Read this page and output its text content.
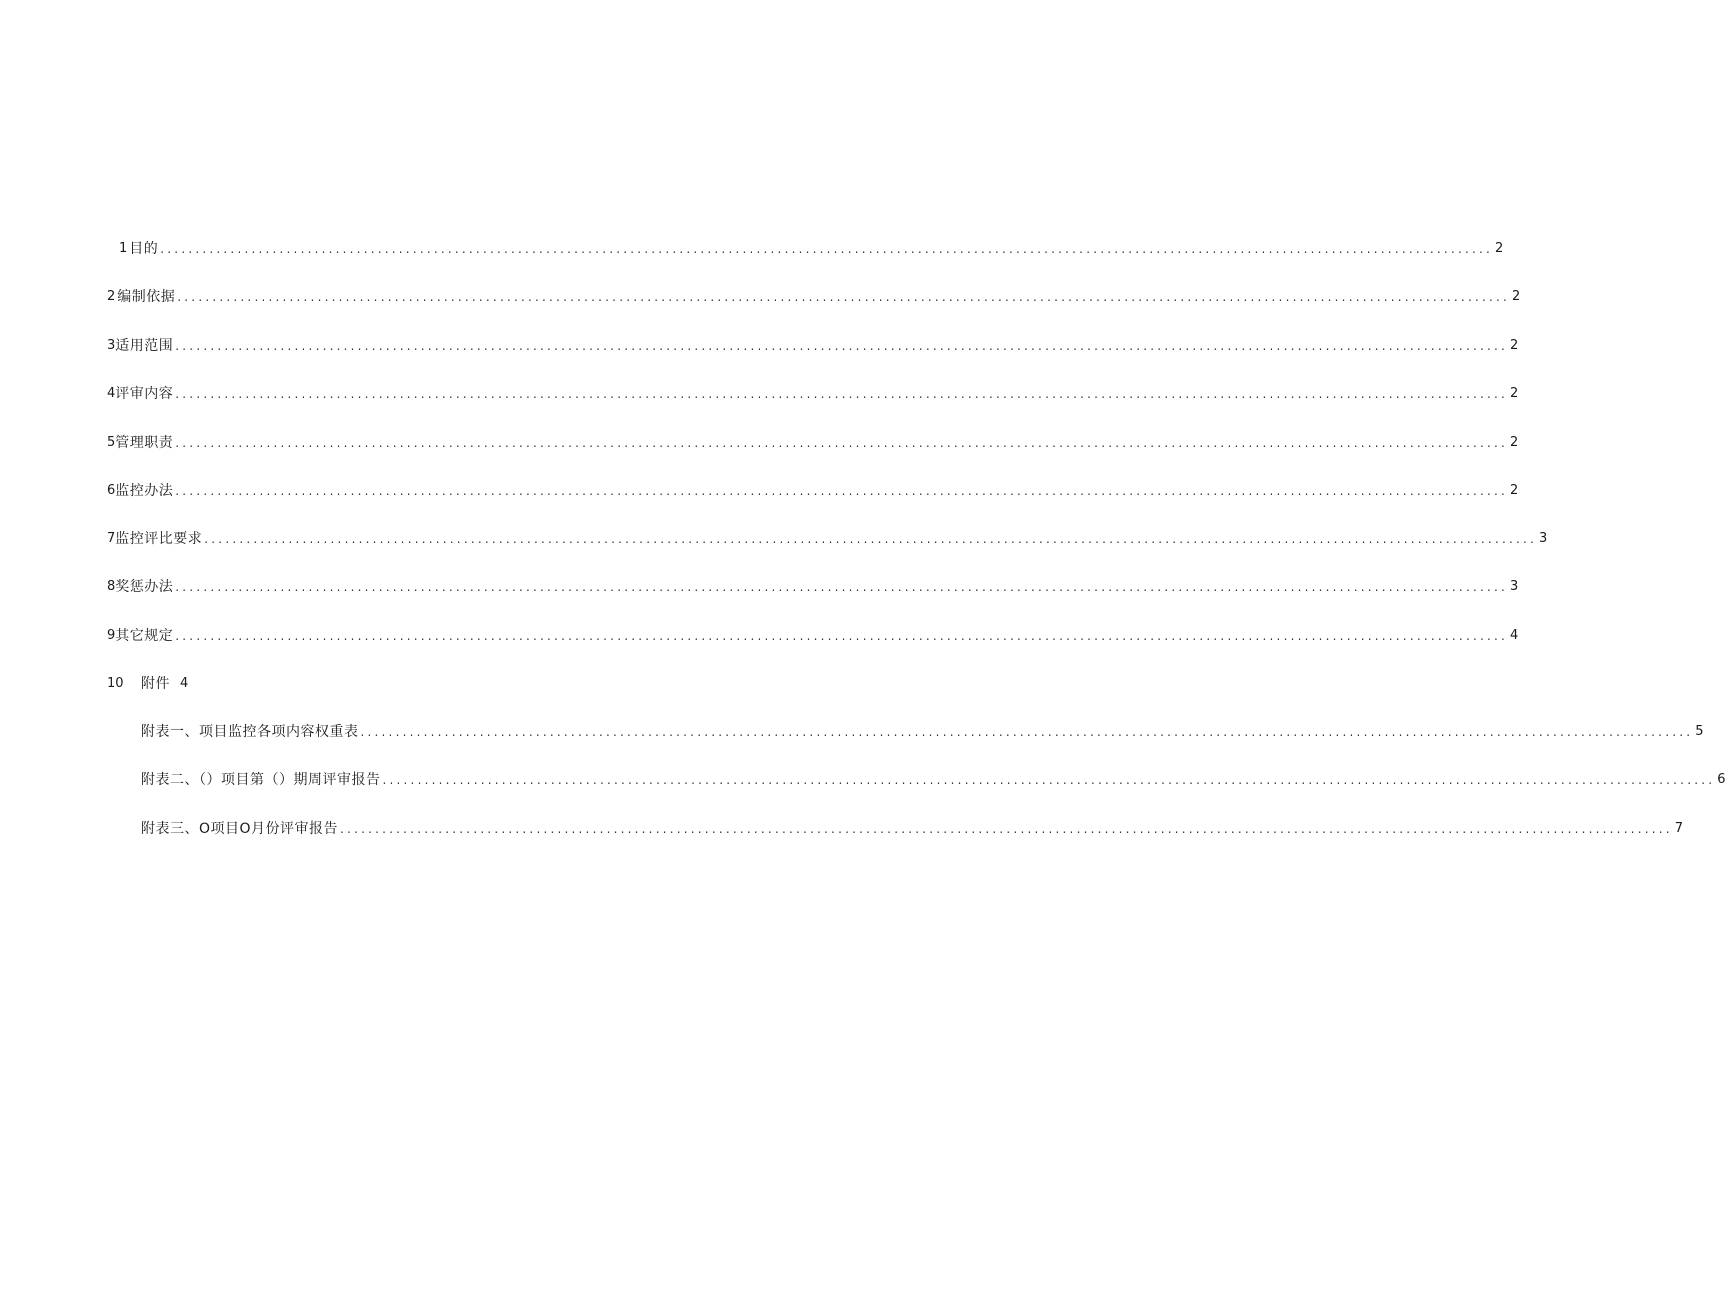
1 目的 .............................................................................................................................................................................................. 2
2 编制依据 .............................................................................................................................................................................................. 2
3 适用范围 .............................................................................................................................................................................................. 2
4 评审内容 .............................................................................................................................................................................................. 2
5 管理职责 .............................................................................................................................................................................................. 2
6 监控办法 .............................................................................................................................................................................................. 2
7 监控评比要求 .............................................................................................................................................................................................. 3
8 奖惩办法 .............................................................................................................................................................................................. 3
9 其它规定 .............................................................................................................................................................................................. 4
10	附件 4
附表一、项目监控各项内容权重表 .............................................................................................................................................................................................. 5
附表二、（）项目第（）期周评审报告 .............................................................................................................................................................................................. 6
附表三、O项目O月份评审报告 .............................................................................................................................................................................................. 7
